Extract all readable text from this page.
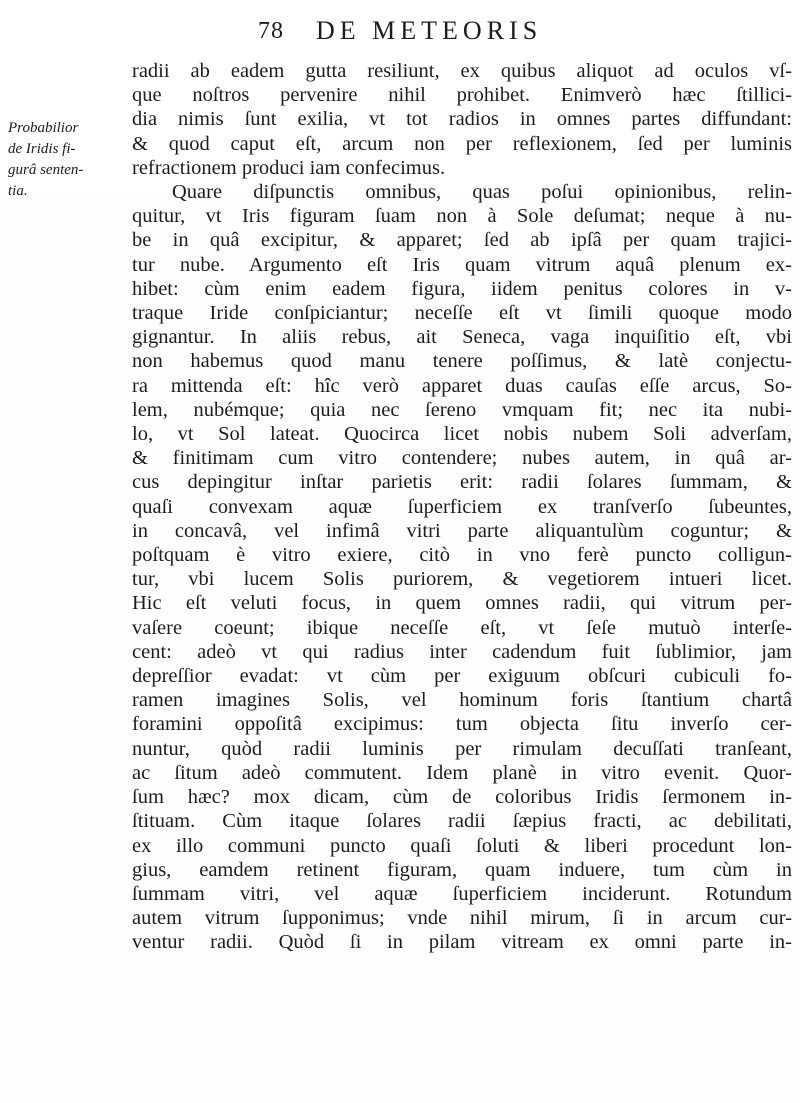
78 DE METEORIS
Probabilior
de Iridis fi-
gurâ senten-
tia.
radii ab eadem gutta resiliunt, ex quibus aliquot ad oculos vſ-
que noſtros pervenire nihil prohibet. Enimverò hæc ſtillici-
dia nimis ſunt exilia, vt tot radios in omnes partes diffundant:
& quod caput eſt, arcum non per reflexionem, ſed per luminis
refractionem produci iam confecimus.
Quare diſpunctis omnibus, quas poſui opinionibus, relin-
quitur, vt Iris figuram ſuam non à Sole deſumat; neque à nu-
be in quâ excipitur, & apparet; ſed ab ipſâ per quam trajici-
tur nube. Argumento eſt Iris quam vitrum aquâ plenum ex-
hibet: cùm enim eadem figura, iidem penitus colores in v-
traque Iride conſpiciantur; neceſſe eſt vt ſimili quoque modo
gignantur. In aliis rebus, ait Seneca, vaga inquiſitio eſt, vbi
non habemus quod manu tenere poſſimus, & latè conjectu-
ra mittenda eſt: hîc verò apparet duas cauſas eſſe arcus, So-
lem, nubémque; quia nec ſereno vmquam fit; nec ita nubi-
lo, vt Sol lateat. Quocirca licet nobis nubem Soli adverſam,
& finitimam cum vitro contendere; nubes autem, in quâ ar-
cus depingitur inſtar parietis erit: radii ſolares ſummam, &
quaſi convexam aquæ ſuperficiem ex tranſverſo ſubeuntes,
in concavâ, vel infimâ vitri parte aliquantulùm coguntur; &
poſtquam è vitro exiere, citò in vno ferè puncto colligun-
tur, vbi lucem Solis puriorem, & vegetiorem intueri licet.
Hic eſt veluti focus, in quem omnes radii, qui vitrum per-
vaſere coeunt; ibique neceſſe eſt, vt ſeſe mutuò interſe-
cent: adeò vt qui radius inter cadendum fuit ſublimior, jam
depreſſior evadat: vt cùm per exiguum obſcuri cubiculi fo-
ramen imagines Solis, vel hominum foris ſtantium chartâ
foramini oppoſitâ excipimus: tum objecta ſitu inverſo cer-
nuntur, quòd radii luminis per rimulam decuſſati tranſeant,
ac ſitum adeò commutent. Idem planè in vitro evenit. Quor-
ſum hæc? mox dicam, cùm de coloribus Iridis ſermonem in-
ſtituam. Cùm itaque ſolares radii ſæpius fracti, ac debilitati,
ex illo communi puncto quaſi ſoluti & liberi procedunt lon-
gius, eamdem retinent figuram, quam induere, tum cùm in
ſummam vitri, vel aquæ ſuperficiem inciderunt. Rotundum
autem vitrum ſupponimus; vnde nihil mirum, ſi in arcum cur-
ventur radii. Quòd ſi in pilam vitream ex omni parte in-
